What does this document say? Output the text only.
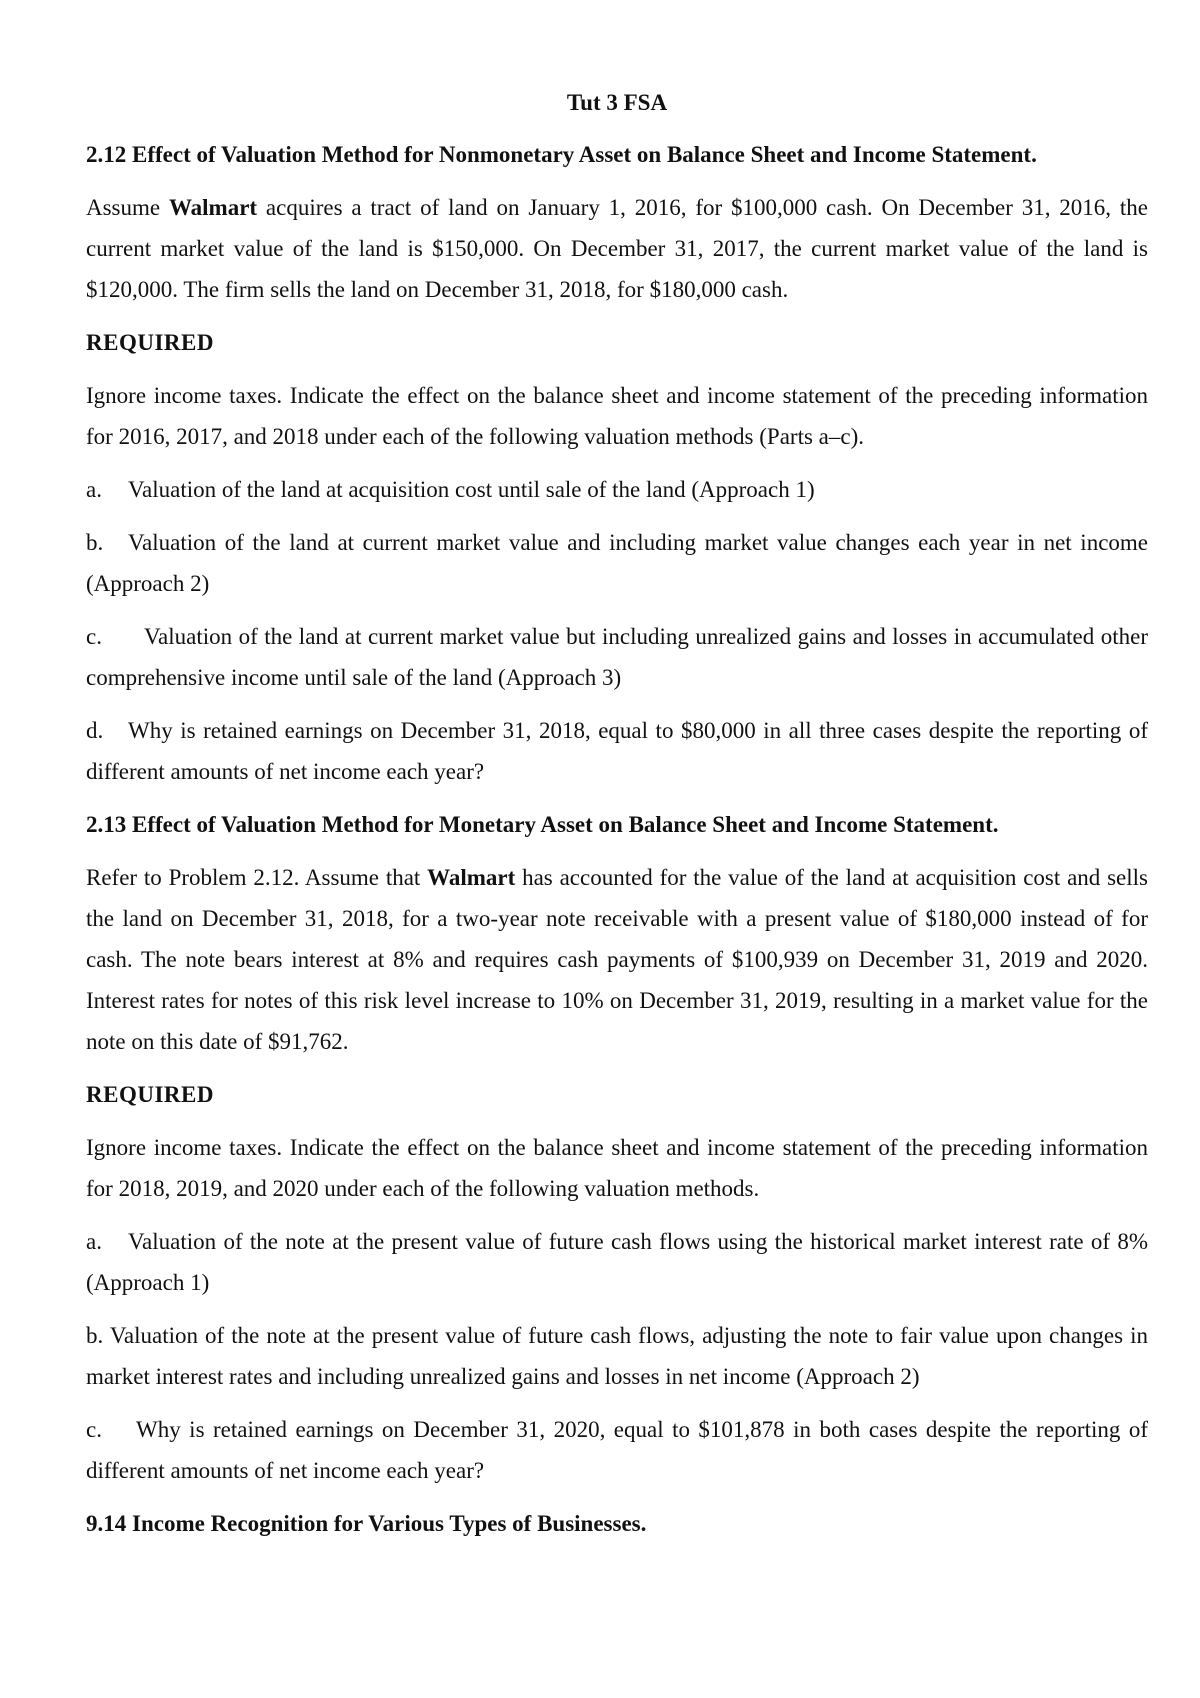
Tut 3 FSA

2.12 Effect of Valuation Method for Nonmonetary Asset on Balance Sheet and Income Statement.

Assume Walmart acquires a tract of land on January 1, 2016, for $100,000 cash. On December 31, 2016, the current market value of the land is $150,000. On December 31, 2017, the current market value of the land is $120,000. The firm sells the land on December 31, 2018, for $180,000 cash.

REQUIRED

Ignore income taxes. Indicate the effect on the balance sheet and income statement of the preceding information for 2016, 2017, and 2018 under each of the following valuation methods (Parts a–c).

a. Valuation of the land at acquisition cost until sale of the land (Approach 1)

b. Valuation of the land at current market value and including market value changes each year in net income (Approach 2)

c. Valuation of the land at current market value but including unrealized gains and losses in accumulated other comprehensive income until sale of the land (Approach 3)

d. Why is retained earnings on December 31, 2018, equal to $80,000 in all three cases despite the reporting of different amounts of net income each year?

2.13 Effect of Valuation Method for Monetary Asset on Balance Sheet and Income Statement.

Refer to Problem 2.12. Assume that Walmart has accounted for the value of the land at acquisition cost and sells the land on December 31, 2018, for a two-year note receivable with a present value of $180,000 instead of for cash. The note bears interest at 8% and requires cash payments of $100,939 on December 31, 2019 and 2020. Interest rates for notes of this risk level increase to 10% on December 31, 2019, resulting in a market value for the note on this date of $91,762.

REQUIRED

Ignore income taxes. Indicate the effect on the balance sheet and income statement of the preceding information for 2018, 2019, and 2020 under each of the following valuation methods.

a. Valuation of the note at the present value of future cash flows using the historical market interest rate of 8% (Approach 1)

b. Valuation of the note at the present value of future cash flows, adjusting the note to fair value upon changes in market interest rates and including unrealized gains and losses in net income (Approach 2)

c. Why is retained earnings on December 31, 2020, equal to $101,878 in both cases despite the reporting of different amounts of net income each year?

9.14 Income Recognition for Various Types of Businesses.
